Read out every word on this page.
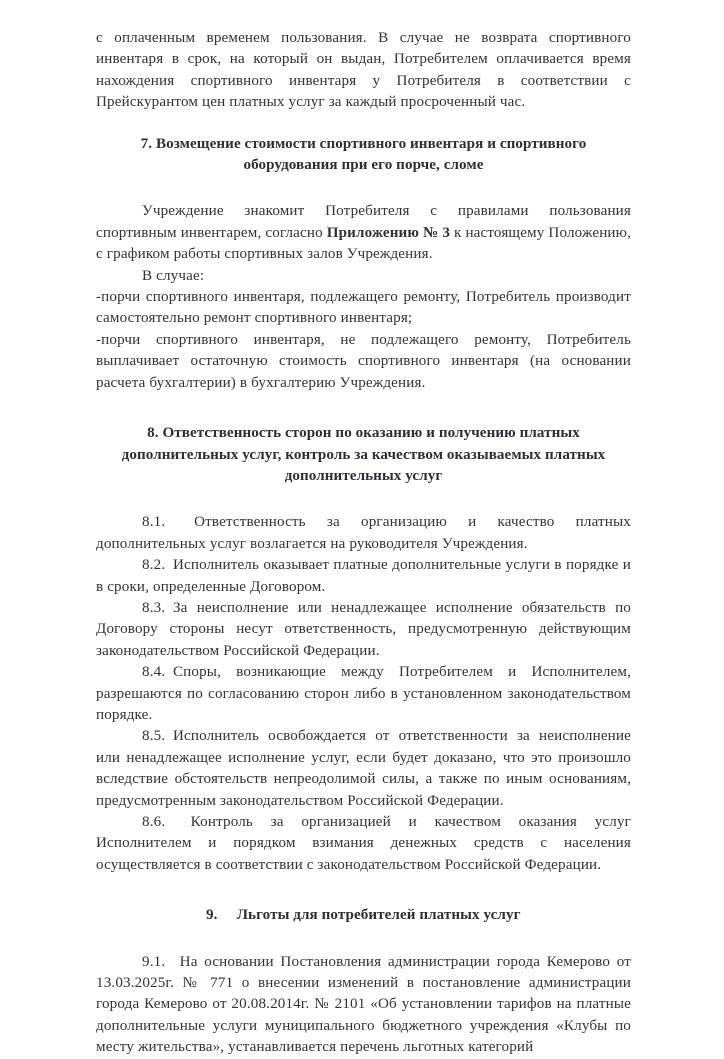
с оплаченным временем пользования. В случае не возврата спортивного инвентаря в срок, на который он выдан, Потребителем оплачивается время нахождения спортивного инвентаря у Потребителя в соответствии с Прейскурантом цен платных услуг за каждый просроченный час.

7. Возмещение стоимости спортивного инвентаря и спортивного
оборудования при его порче, сломе

Учреждение знакомит Потребителя с правилами пользования спортивным инвентарем, согласно Приложению № 3 к настоящему Положению, с графиком работы спортивных залов Учреждения.

В случае:

-порчи спортивного инвентаря, подлежащего ремонту, Потребитель производит самостоятельно ремонт спортивного инвентаря;

-порчи спортивного инвентаря, не подлежащего ремонту, Потребитель выплачивает остаточную стоимость спортивного инвентаря (на основании расчета бухгалтерии) в бухгалтерию Учреждения.

8. Ответственность сторон по оказанию и получению платных
дополнительных услуг, контроль за качеством оказываемых платных
дополнительных услуг

8.1.  Ответственность за организацию и качество платных дополнительных услуг возлагается на руководителя Учреждения.

8.2. Исполнитель оказывает платные дополнительные услуги в порядке и в сроки, определенные Договором.

8.3. За неисполнение или ненадлежащее исполнение обязательств по Договору стороны несут ответственность, предусмотренную действующим законодательством Российской Федерации.

8.4. Споры, возникающие между Потребителем и Исполнителем, разрешаются по согласованию сторон либо в установленном законодательством порядке.

8.5. Исполнитель освобождается от ответственности за неисполнение или ненадлежащее исполнение услуг, если будет доказано, что это произошло вследствие обстоятельств непреодолимой силы, а также по иным основаниям, предусмотренным законодательством Российской Федерации.

8.6.  Контроль за организацией и качеством оказания услуг Исполнителем и порядком взимания денежных средств с населения осуществляется в соответствии с законодательством Российской Федерации.

9. Льготы для потребителей платных услуг

9.1.  На основании Постановления администрации города Кемерово от 13.03.2025г. № 771 о внесении изменений в постановление администрации города Кемерово от 20.08.2014г. № 2101 «Об установлении тарифов на платные дополнительные услуги муниципального бюджетного учреждения «Клубы по месту жительства», устанавливается перечень льготных категорий
